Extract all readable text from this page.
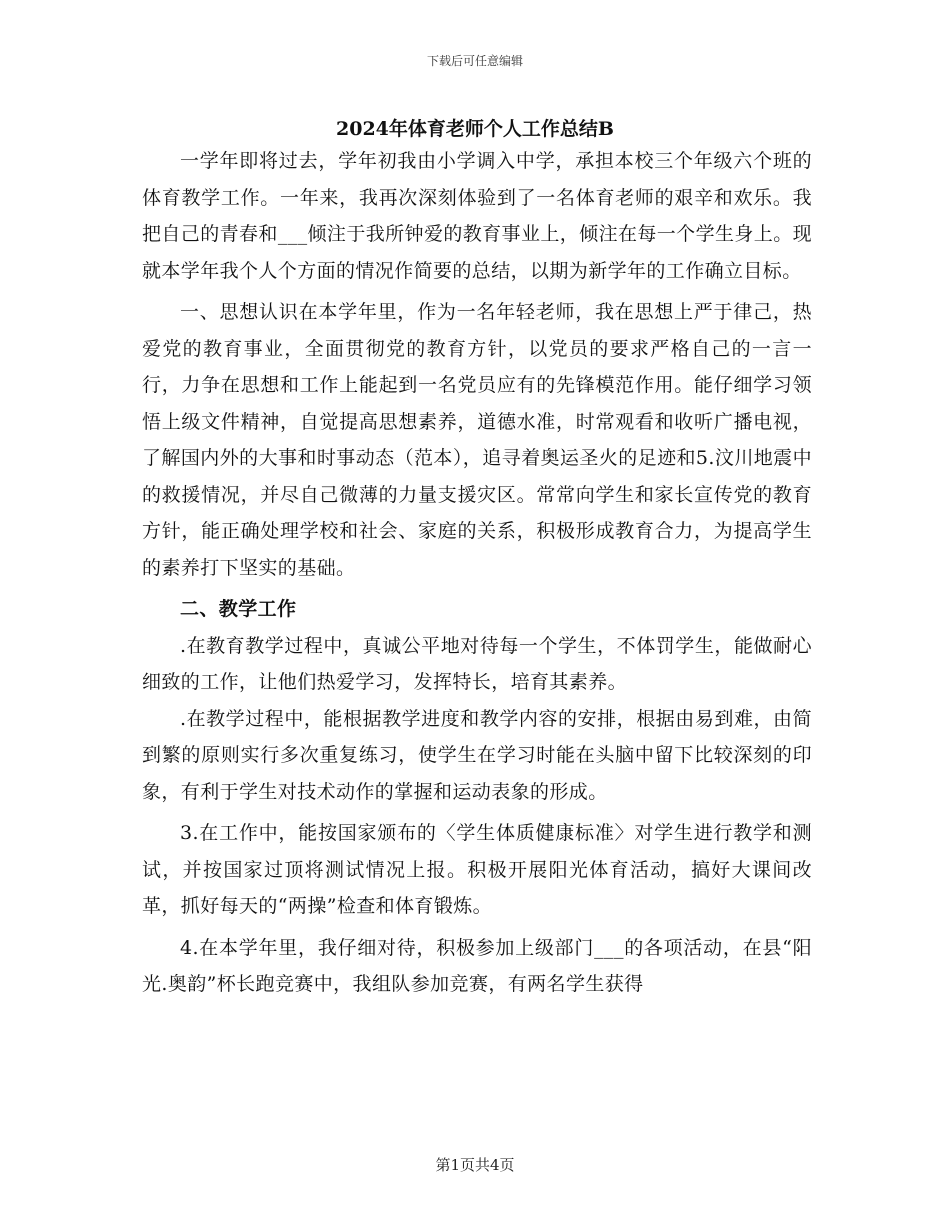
下载后可任意编辑
2024年体育老师个人工作总结B

一学年即将过去，学年初我由小学调入中学，承担本校三个年级六个班的体育教学工作。一年来，我再次深刻体验到了一名体育老师的艰辛和欢乐。我把自己的青春和___倾注于我所钟爱的教育事业上，倾注在每一个学生身上。现就本学年我个人个方面的情况作简要的总结，以期为新学年的工作确立目标。

一、思想认识在本学年里，作为一名年轻老师，我在思想上严于律己，热爱党的教育事业，全面贯彻党的教育方针，以党员的要求严格自己的一言一行，力争在思想和工作上能起到一名党员应有的先锋模范作用。能仔细学习领悟上级文件精神，自觉提高思想素养，道德水准，时常观看和收听广播电视，了解国内外的大事和时事动态（范本），追寻着奥运圣火的足迹和5.汶川地震中的救援情况，并尽自己微薄的力量支援灾区。常常向学生和家长宣传党的教育方针，能正确处理学校和社会、家庭的关系，积极形成教育合力，为提高学生的素养打下坚实的基础。

二、教学工作

.在教育教学过程中，真诚公平地对待每一个学生，不体罚学生，能做耐心细致的工作，让他们热爱学习，发挥特长，培育其素养。

.在教学过程中，能根据教学进度和教学内容的安排，根据由易到难，由简到繁的原则实行多次重复练习，使学生在学习时能在头脑中留下比较深刻的印象，有利于学生对技术动作的掌握和运动表象的形成。

3.在工作中，能按国家颁布的〈学生体质健康标准〉对学生进行教学和测试，并按国家过顶将测试情况上报。积极开展阳光体育活动，搞好大课间改革，抓好每天的“两操”检查和体育锻炼。

4.在本学年里，我仔细对待，积极参加上级部门___的各项活动，在县“阳光.奥韵”杯长跑竞赛中，我组队参加竞赛，有两名学生获得

第1页共4页
